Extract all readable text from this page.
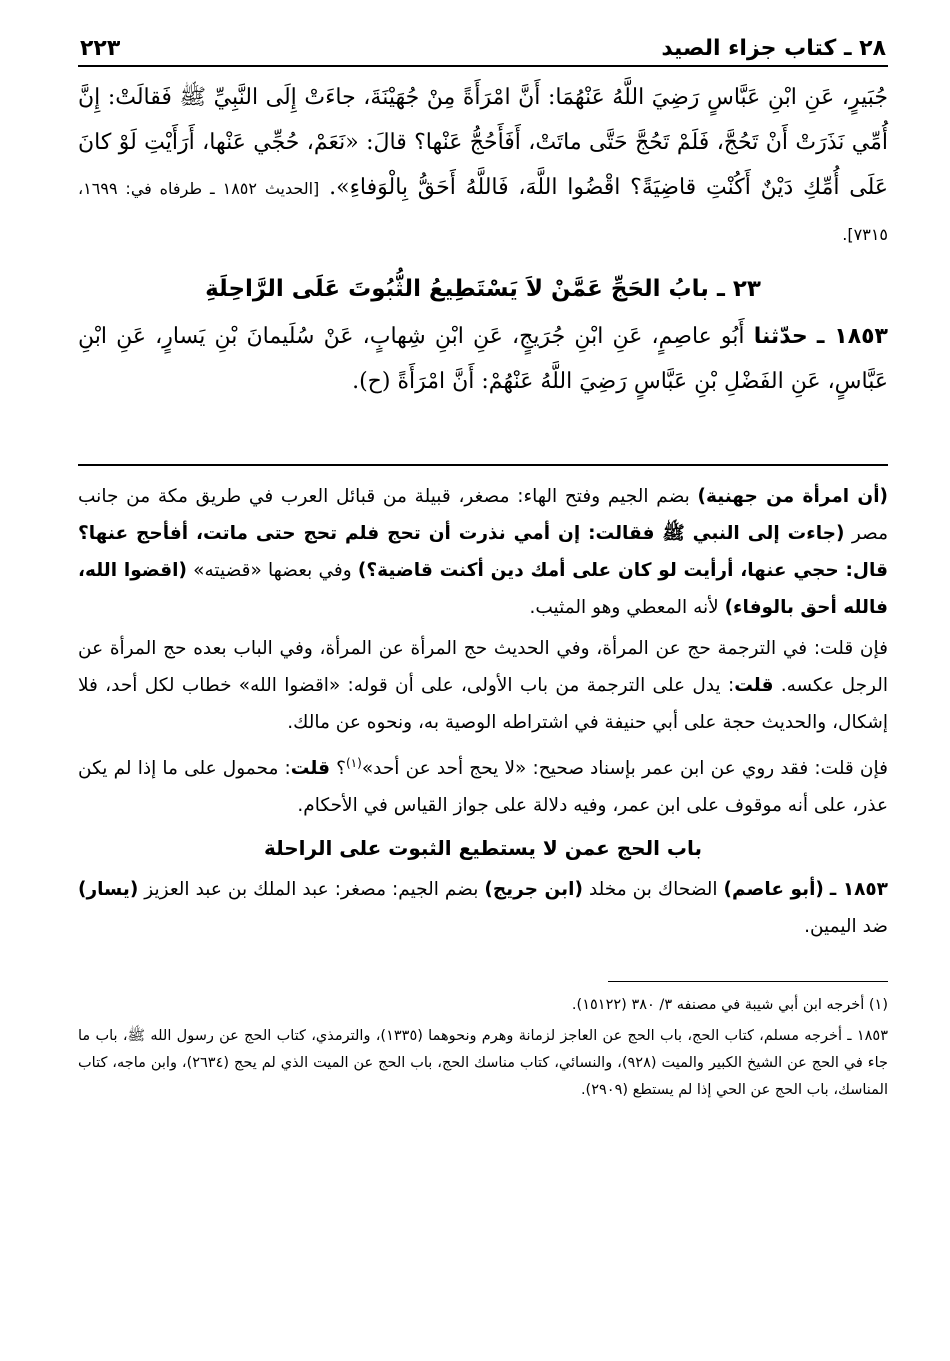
٢٨ ـ كتاب جزاء الصيد
٢٢٣

جُبَيرٍ، عَنِ ابْنِ عَبَّاسٍ رَضِيَ اللَّهُ عَنْهُمَا: أَنَّ امْرَأَةً مِنْ جُهَيْنَةَ، جاءَتْ إِلَى النَّبِيِّ ﷺ فَقالَتْ: إِنَّ أُمِّي نَذَرَتْ أَنْ تَحُجَّ، فَلَمْ تَحُجَّ حَتَّى ماتَتْ، أَفَأَحُجُّ عَنْها؟ قالَ: «نَعَمْ، حُجِّي عَنْها، أَرَأَيْتِ لَوْ كانَ عَلَى أُمِّكِ دَيْنٌ أَكُنْتِ قاضِيَةً؟ اقْضُوا اللَّهَ، فَاللَّهُ أَحَقُّ بِالْوَفاءِ». [الحديث ١٨٥٢ ـ طرفاه في: ١٦٩٩، ٧٣١٥].

٢٣ ـ بابُ الحَجِّ عَمَّنْ لاَ يَسْتَطِيعُ الثُّبُوتَ عَلَى الرَّاحِلَةِ

١٨٥٣ ـ حدّثنا أَبُو عاصِمٍ، عَنِ ابْنِ جُرَيجٍ، عَنِ ابْنِ شِهابٍ، عَنْ سُلَيمانَ بْنِ يَسارٍ، عَنِ ابْنِ عَبَّاسٍ، عَنِ الفَضْلِ بْنِ عَبَّاسٍ رَضِيَ اللَّهُ عَنْهُمْ: أَنَّ امْرَأَةً (ح).

(أن امرأة من جهنية) بضم الجيم وفتح الهاء: مصغر، قبيلة من قبائل العرب في طريق مكة من جانب مصر (جاءت إلى النبي ﷺ فقالت: إن أمي نذرت أن تحج فلم تحج حتى ماتت، أفأحج عنها؟ قال: حجي عنها، أرأيت لو كان على أمك دين أكنت قاضية؟) وفي بعضها «قضيته» (اقضوا الله، فالله أحق بالوفاء) لأنه المعطي وهو المثيب.

فإن قلت: في الترجمة حج عن المرأة، وفي الحديث حج المرأة عن المرأة، وفي الباب بعده حج المرأة عن الرجل عكسه. قلت: يدل على الترجمة من باب الأولى، على أن قوله: «اقضوا الله» خطاب لكل أحد، فلا إشكال، والحديث حجة على أبي حنيفة في اشتراطه الوصية به، ونحوه عن مالك.

فإن قلت: فقد روي عن ابن عمر بإسناد صحيح: «لا يحج أحد عن أحد»$^{(١)}$؟ قلت: محمول على ما إذا لم يكن عذر، على أنه موقوف على ابن عمر، وفيه دلالة على جواز القياس في الأحكام.

باب الحج عمن لا يستطيع الثبوت على الراحلة

١٨٥٣ ـ (أبو عاصم) الضحاك بن مخلد (ابن جريج) بضم الجيم: مصغر: عبد الملك بن عبد العزيز (يسار) ضد اليمين.

(١) أخرجه ابن أبي شيبة في مصنفه ٣/ ٣٨٠ (١٥١٢٢).

١٨٥٣ ـ أخرجه مسلم، كتاب الحج، باب الحج عن العاجز لزمانة وهرم ونحوهما (١٣٣٥)، والترمذي، كتاب الحج عن رسول الله ﷺ، باب ما جاء في الحج عن الشيخ الكبير والميت (٩٢٨)، والنسائي، كتاب مناسك الحج، باب الحج عن الميت الذي لم يحج (٢٦٣٤)، وابن ماجه، كتاب المناسك، باب الحج عن الحي إذا لم يستطع (٢٩٠٩).
